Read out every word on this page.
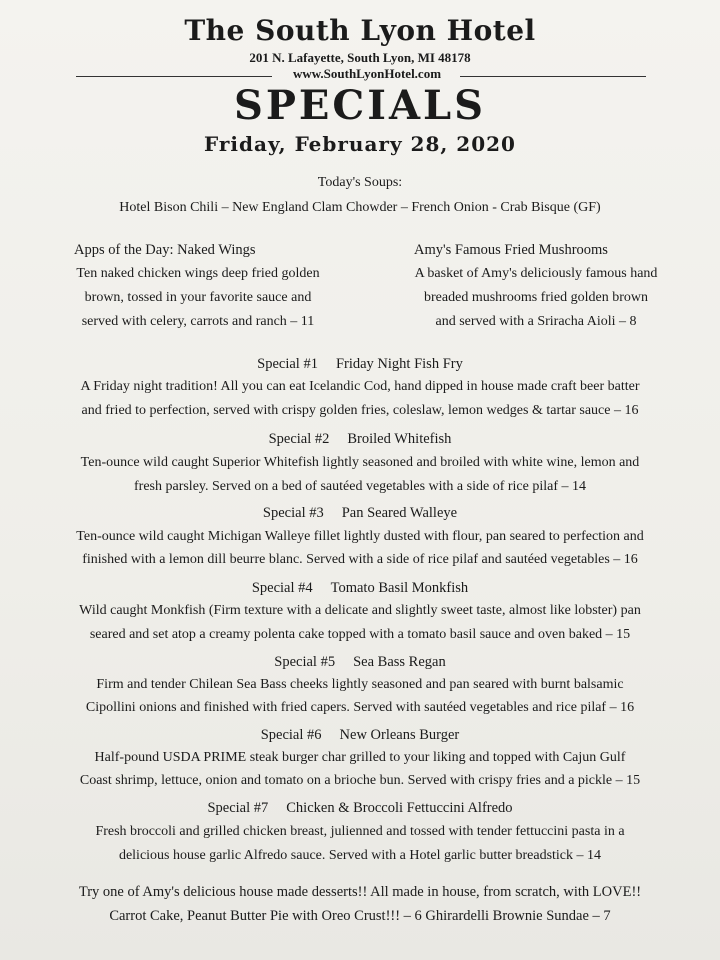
The South Lyon Hotel
201 N. Lafayette, South Lyon, MI 48178
www.SouthLyonHotel.com
SPECIALS
Friday, February 28, 2020
Today's Soups:
Hotel Bison Chili – New England Clam Chowder – French Onion - Crab Bisque (GF)
Apps of the Day: Naked Wings
Ten naked chicken wings deep fried golden
brown, tossed in your favorite sauce and
served with celery, carrots and ranch – 11
Amy's Famous Fried Mushrooms
A basket of Amy's deliciously famous hand
breaded mushrooms fried golden brown
and served with a Sriracha Aioli – 8
Special #1 Friday Night Fish Fry
A Friday night tradition! All you can eat Icelandic Cod, hand dipped in house made craft beer batter
and fried to perfection, served with crispy golden fries, coleslaw, lemon wedges & tartar sauce – 16
Special #2 Broiled Whitefish
Ten-ounce wild caught Superior Whitefish lightly seasoned and broiled with white wine, lemon and
fresh parsley. Served on a bed of sautéed vegetables with a side of rice pilaf – 14
Special #3 Pan Seared Walleye
Ten-ounce wild caught Michigan Walleye fillet lightly dusted with flour, pan seared to perfection and
finished with a lemon dill beurre blanc. Served with a side of rice pilaf and sautéed vegetables – 16
Special #4 Tomato Basil Monkfish
Wild caught Monkfish (Firm texture with a delicate and slightly sweet taste, almost like lobster) pan
seared and set atop a creamy polenta cake topped with a tomato basil sauce and oven baked – 15
Special #5 Sea Bass Regan
Firm and tender Chilean Sea Bass cheeks lightly seasoned and pan seared with burnt balsamic
Cipollini onions and finished with fried capers. Served with sautéed vegetables and rice pilaf – 16
Special #6 New Orleans Burger
Half-pound USDA PRIME steak burger char grilled to your liking and topped with Cajun Gulf
Coast shrimp, lettuce, onion and tomato on a brioche bun. Served with crispy fries and a pickle – 15
Special #7 Chicken & Broccoli Fettuccini Alfredo
Fresh broccoli and grilled chicken breast, julienned and tossed with tender fettuccini pasta in a
delicious house garlic Alfredo sauce. Served with a Hotel garlic butter breadstick – 14
Try one of Amy's delicious house made desserts!! All made in house, from scratch, with LOVE!!
Carrot Cake, Peanut Butter Pie with Oreo Crust!!! – 6 Ghirardelli Brownie Sundae – 7
